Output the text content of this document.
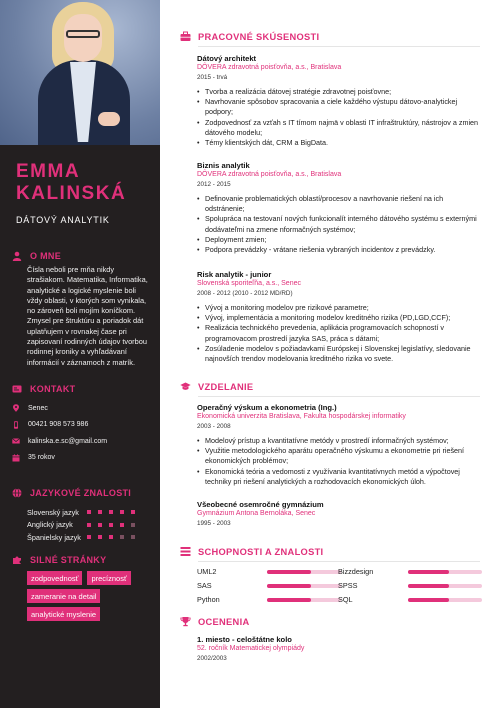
EMMA
KALINSKÁ
DÁTOVÝ ANALYTIK
O MNE
Čísla neboli pre mňa nikdy strašiakom. Matematika, Informatika, analytické a logické myslenie boli vždy oblasti, v ktorých som vynikala, no zároveň boli mojím koníčkom. Zmysel pre štruktúru a poriadok dát uplatňujem v rovnakej čase pri zapisovaní rodinných údajov tvorbou rodinnej kroniky a vyhľadávaní informácií v záznamoch z matrík.
KONTAKT
Senec
00421 908 573 986
kalinska.e.sc@gmail.com
35 rokov
JAZYKOVÉ ZNALOSTI
Slovenský jazyk
Anglický jazyk
Španielsky jazyk
SILNÉ STRÁNKY
zodpovednosť	precíznosť
zameranie na detail
analytické myslenie
PRACOVNÉ SKÚSENOSTI
Dátový architekt
DÔVERA zdravotná poisťovňa, a.s., Bratislava
2015 - trvá
• Tvorba a realizácia dátovej stratégie zdravotnej poisťovne;
• Navrhovanie spôsobov spracovania a ciele každého výstupu dátovo-analytickej podpory;
• Zodpovednosť za vzťah s IT tímom najmä v oblasti IT infraštruktúry, nástrojov a zmien dátového modelu;
• Témy klientských dát, CRM a BigData.
Biznis analytik
DÔVERA zdravotná poisťovňa, a.s., Bratislava
2012 - 2015
• Definovanie problematických oblastí/procesov a navrhovanie riešení na ich odstránenie;
• Spolupráca na testovaní nových funkcionalít interného dátového systému s externými dodávateľmi na zmene nformačných systémov;
• Deployment zmien;
• Podpora prevádzky - vrátane riešenia vybraných incidentov z prevádzky.
Risk analytik - junior
Slovenská sporiteľňa, a.s., Senec
2008 - 2012 (2010 - 2012 MD/RD)
• Vývoj a monitoring modelov pre rizikové parametre;
• Vývoj, implementácia a monitoring modelov kreditného rizika (PD,LGD,CCF);
• Realizácia technického prevedenia, aplikácia programovacích schopností v programovacom prostredí jazyka SAS, práca s dátami;
• Zosúladenie modelov s požiadavkami Európskej i Slovenskej legislatívy, sledovanie najnovších trendov modelovania kreditného rizika vo svete.
VZDELANIE
Operačný výskum a ekonometria (Ing.)
Ekonomická univerzita Bratislava, Fakulta hospodárskej informatiky
2003 - 2008
• Modelový prístup a kvantitatívne metódy v prostredí informačných systémov;
• Využitie metodologického aparátu operačného výskumu a ekonometrie pri riešení ekonomických problémov;
• Ekonomická teória a vedomosti z využívania kvantitatívnych metód a výpočtovej techniky pri riešení analytických a rozhodovacích ekonomických úloh.
Všeobecné osemročné gymnázium
Gymnázium Antona Bernoláka, Senec
1995 - 2003
SCHOPNOSTI A ZNALOSTI
UML2	Bizzdesign
SAS	SPSS
Python	SQL
OCENENIA
1. miesto - celoštátne kolo
52. ročník Matematickej olympiády
2002/2003
